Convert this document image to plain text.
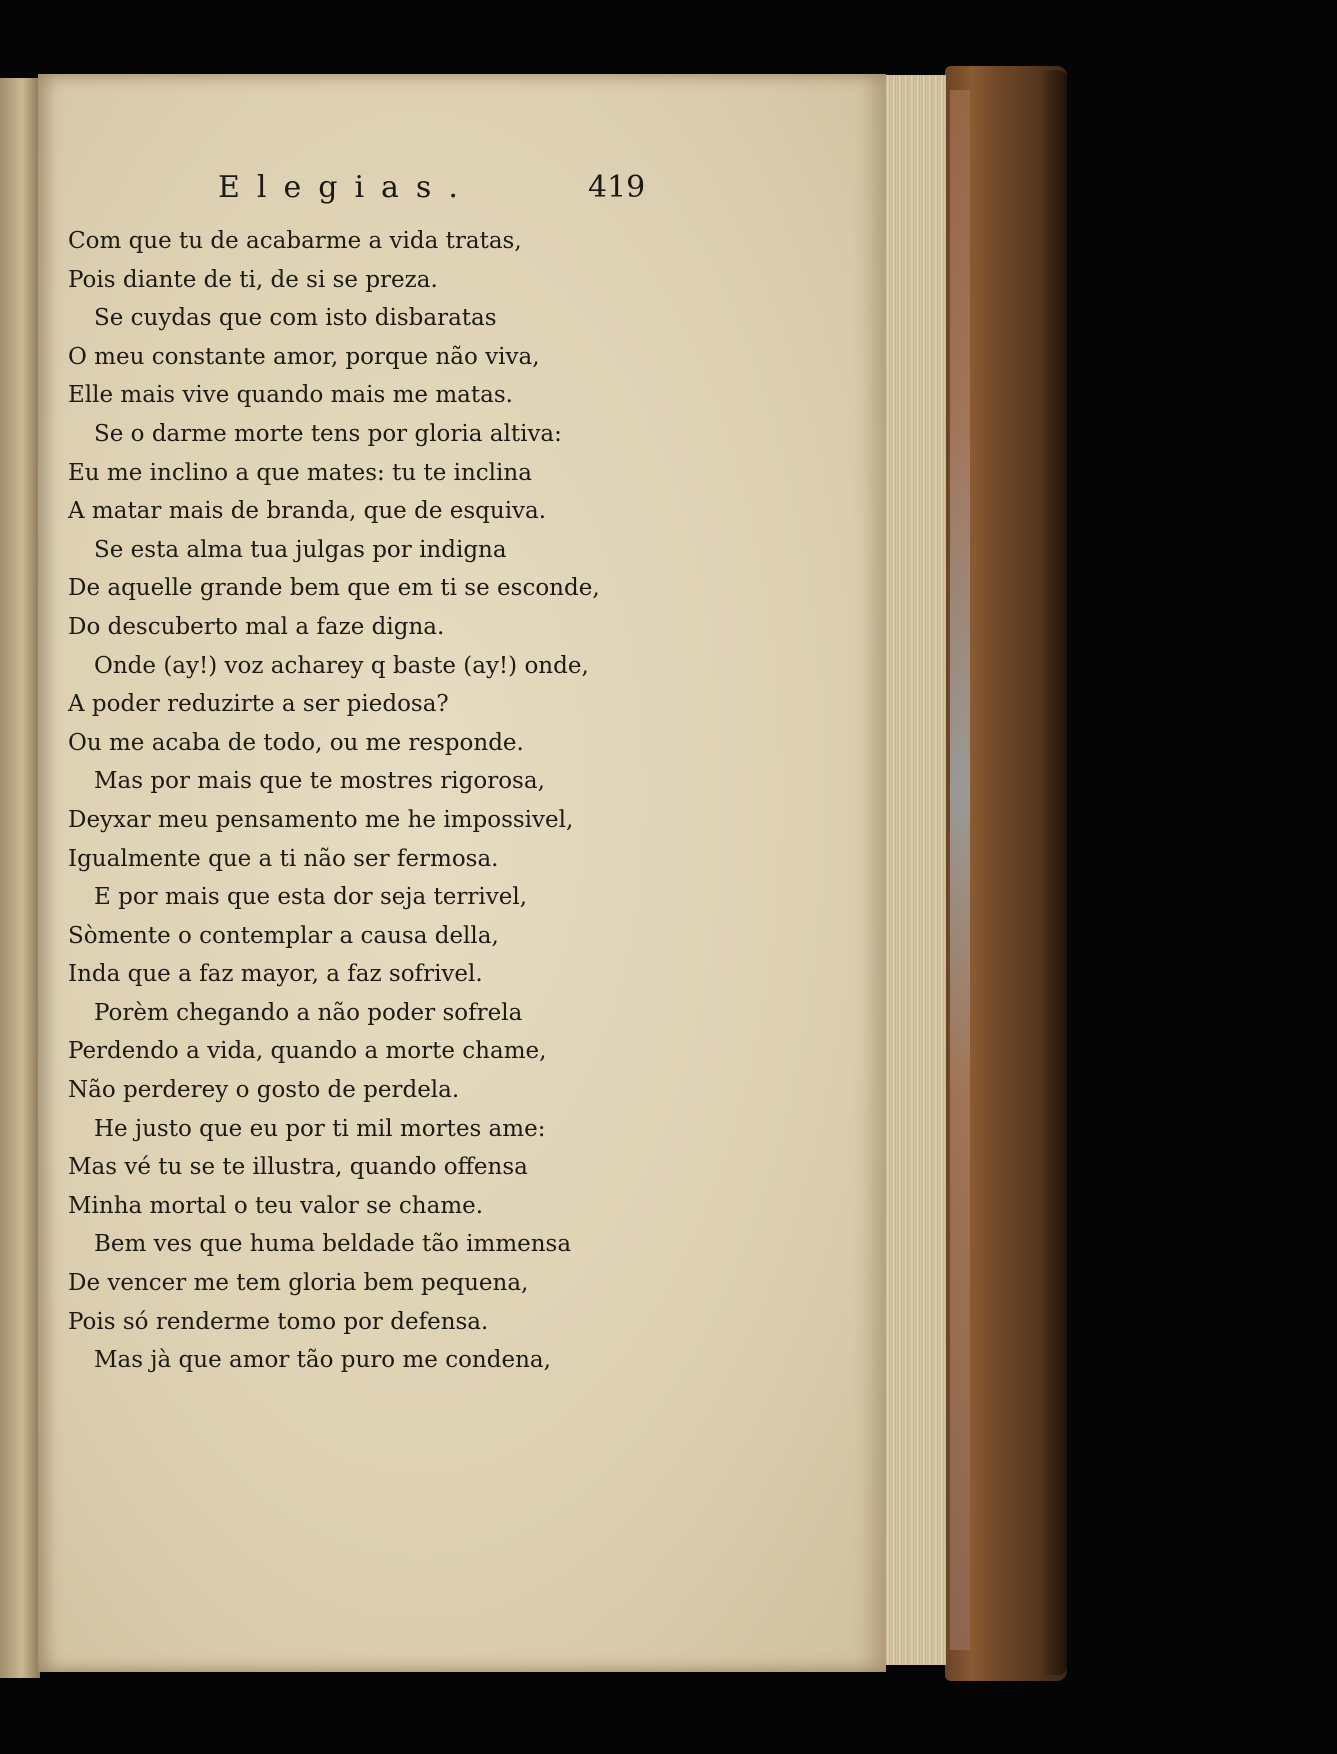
Elegias.	419
Com que tu de acabarme a vida tratas,
Pois diante de ti, de si se preza.
Se cuydas que com isto disbaratas
O meu constante amor, porque não viva,
Elle mais vive quando mais me matas.
Se o darme morte tens por gloria altiva:
Eu me inclino a que mates: tu te inclina
A matar mais de branda, que de esquiva.
Se esta alma tua julgas por indigna
De aquelle grande bem que em ti se esconde,
Do descuberto mal a faze digna.
Onde (ay!) voz acharey q baste (ay!) onde,
A poder reduzirte a ser piedosa?
Ou me acaba de todo, ou me responde.
Mas por mais que te mostres rigorosa,
Deyxar meu pensamento me he impossivel,
Igualmente que a ti não ser fermosa.
E por mais que esta dor seja terrivel,
Sòmente o contemplar a causa della,
Inda que a faz mayor, a faz sofrivel.
Porèm chegando a não poder sofrela
Perdendo a vida, quando a morte chame,
Não perderey o gosto de perdela.
He justo que eu por ti mil mortes ame:
Mas vé tu se te illustra, quando offensa
Minha mortal o teu valor se chame.
Bem ves que huma beldade tão immensa
De vencer me tem gloria bem pequena,
Pois só renderme tomo por defensa.
Mas jà que amor tão puro me condena,
